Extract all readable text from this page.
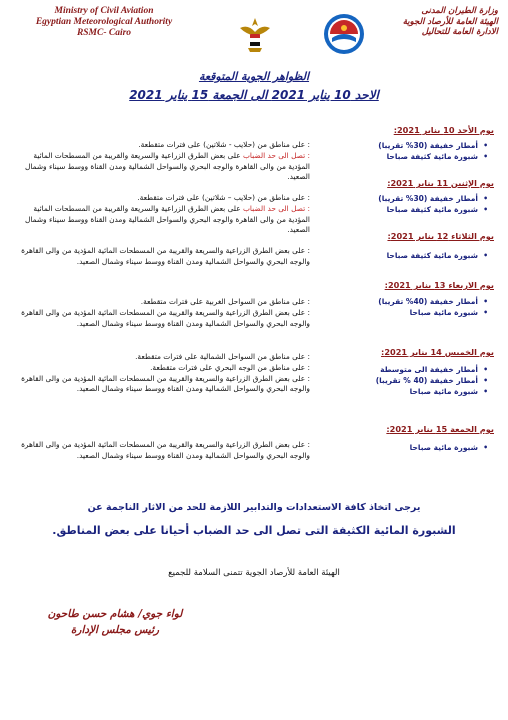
Ministry of Civil Aviation
Egyptian Meteorological Authority
RSMC- Cairo
وزارة الطيران المدنى
الهيئة العامة للأرصاد الجوية
الادارة العامة للتحاليل
الظواهر الجوية المتوقعة
الاحد 10 يناير 2021 الى الجمعة 15 يناير 2021
يوم الأحد 10 يناير 2021:
• أمطار خفيفة (30% تقريبا)
• شبورة مائية كثيفة صباحا

: على مناطق من (حلايب - شلاتين) على فترات متقطعة.

: تصل الى حد الضباب على بعض الطرق الزراعية والسريعة والقريبة من المسطحات المائية المؤدية من والى القاهرة والوجه البحري والسواحل الشمالية ومدن القناة ووسط سيناء وشمال الصعيد.

يوم الإثنين 11 يناير 2021:
• أمطار خفيفة (30% تقريبا)
• شبورة مائية كثيفة صباحا

: على مناطق من (حلايب – شلاتين) على فترات متقطعة.

: تصل الى حد الضباب على بعض الطرق الزراعية والسريعة والقريبة من المسطحات المائية المؤدية من والى القاهرة والوجه البحري والسواحل الشمالية ومدن القناة ووسط سيناء وشمال الصعيد.

يوم الثلاثاء 12 يناير 2021:
• شبورة مائية كثيفة صباحا

: على بعض الطرق الزراعية والسريعة والقريبة من المسطحات المائية المؤدية من والى القاهرة والوجه البحري والسواحل الشمالية ومدن القناة ووسط سيناء وشمال الصعيد.

يوم الاربعاء 13 يناير 2021:
• أمطار خفيفة (40% تقريبا)
• شبورة مائية صباحا

: على مناطق من السواحل الغربية على فترات متقطعة.

: على بعض الطرق الزراعية والسريعة والقريبة من المسطحات المائية المؤدية من والى القاهرة والوجه البحري والسواحل الشمالية ومدن القناة ووسط سيناء وشمال الصعيد.

يوم الخميس 14 يناير 2021:
• أمطار خفيفة الى متوسطة
• أمطار خفيفة (40 % تقريبا)
• شبورة مائية صباحا

: على مناطق من السواحل الشمالية على فترات متقطعة.

: على مناطق من الوجه البحري على فترات متقطعة.

: على بعض الطرق الزراعية والسريعة والقريبة من المسطحات المائية المؤدية من والى القاهرة والوجه البحري والسواحل الشمالية ومدن القناة ووسط سيناء وشمال الصعيد.

يوم الجمعة 15 يناير 2021:
• شبورة مائية صباحا

: على بعض الطرق الزراعية والسريعة والقريبة من المسطحات المائية المؤدية من والى القاهرة والوجه البحري والسواحل الشمالية ومدن القناة ووسط سيناء وشمال الصعيد.

يرجى اتخاذ كافة الاستعدادات والتدابير اللازمة للحد من الاثار الناجمة عن
الشبورة المائية الكثيفة التى تصل الى حد الضباب أحيانا على بعض المناطق.
الهيئة العامة للأرصاد الجوية تتمنى السلامة للجميع
لواء جوي/ هشام حسن طاحون
رئيس مجلس الإدارة
